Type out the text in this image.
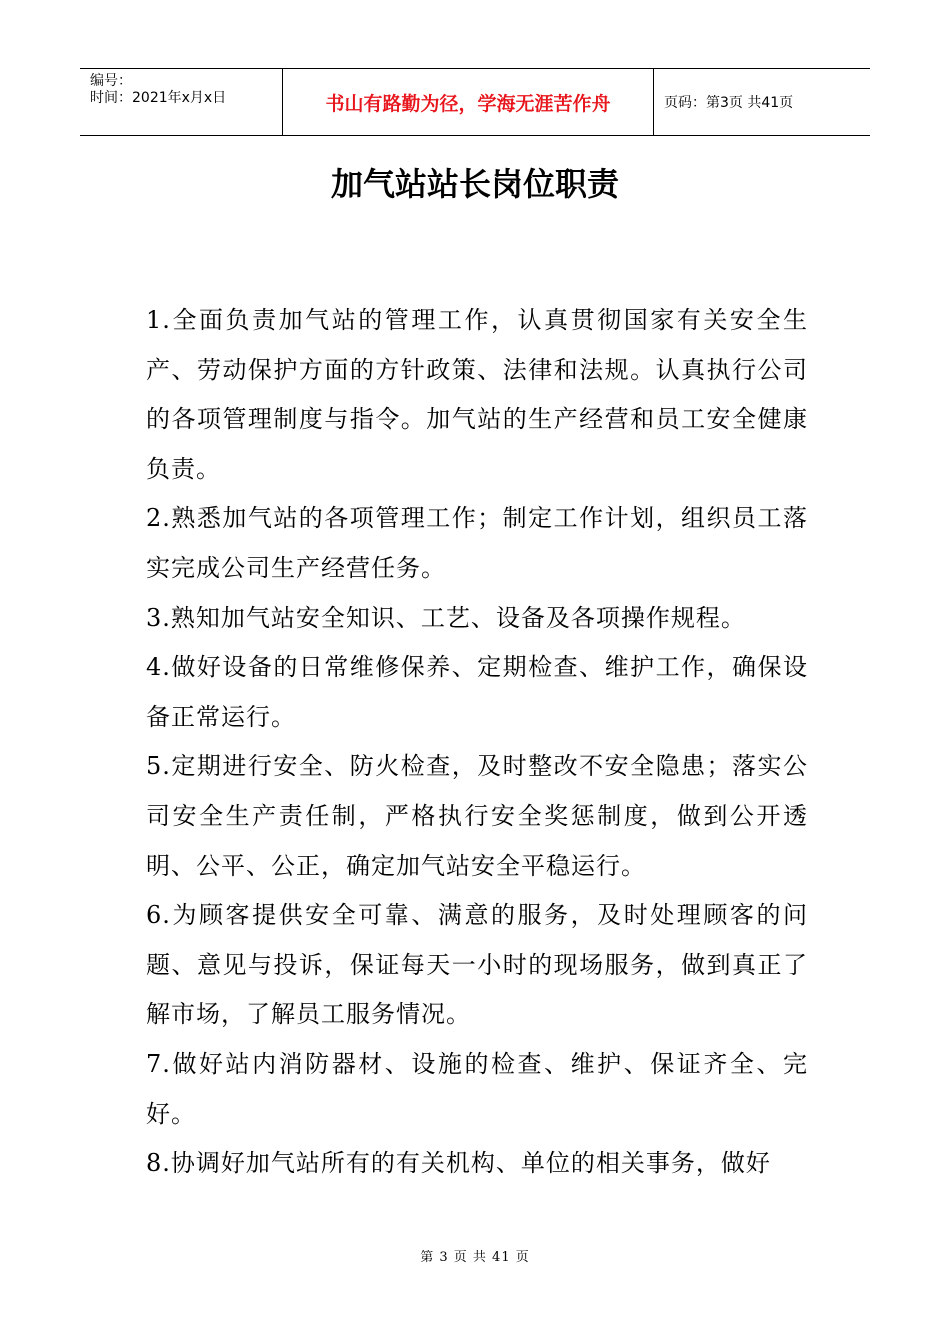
编号：
时间：2021年x月x日	书山有路勤为径，学海无涯苦作舟	页码：第3页 共41页
加气站站长岗位职责

1.全面负责加气站的管理工作，认真贯彻国家有关安全生产、劳动保护方面的方针政策、法律和法规。认真执行公司的各项管理制度与指令。加气站的生产经营和员工安全健康负责。

2.熟悉加气站的各项管理工作；制定工作计划，组织员工落实完成公司生产经营任务。

3.熟知加气站安全知识、工艺、设备及各项操作规程。

4.做好设备的日常维修保养、定期检查、维护工作，确保设备正常运行。

5.定期进行安全、防火检查，及时整改不安全隐患；落实公司安全生产责任制，严格执行安全奖惩制度，做到公开透明、公平、公正，确定加气站安全平稳运行。

6.为顾客提供安全可靠、满意的服务，及时处理顾客的问题、意见与投诉，保证每天一小时的现场服务，做到真正了解市场，了解员工服务情况。

7.做好站内消防器材、设施的检查、维护、保证齐全、完好。

8.协调好加气站所有的有关机构、单位的相关事务，做好

第 3 页 共 41 页
